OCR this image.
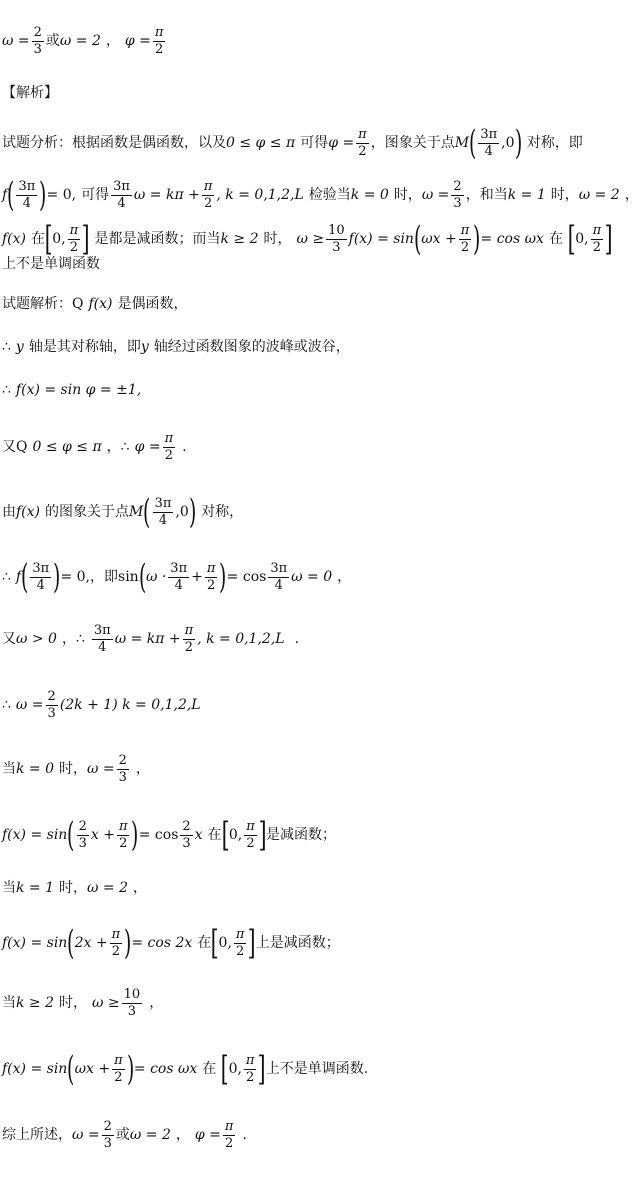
$\omega = \frac{2}{3}$ 或 ω = 2 ， $\varphi = \frac{\pi}{2}$
【解析】
试题分析：根据函数是偶函数，以及 0 ≤ φ ≤ π 可得 $\varphi = \frac{\pi}{2}$ ，图象关于点 M ( $\frac{3\pi}{4} ,0$ ) 对称，即
f ( $\frac{3\pi}{4}$ ) = 0, 可得 $\frac{3\pi}{4}$ $\omega = k\pi + \frac{\pi}{2}$ , k = 0,1,2,L 检验当 k = 0 时， $\omega = \frac{2}{3}$ ，和当 k = 1 时， ω = 2 ，
f(x) 在 [ 0, $\frac{\pi}{2}$ ] 是都是减函数；而当 k ≥ 2 时， $\omega \ge \frac{10}{3} f(x) = \sin$ ( $\omega x + \frac{\pi}{2}$ ) = cos ωx 在 [ 0, $\frac{\pi}{2}$ ]
上不是单调函数
试题解析： Q f(x) 是偶函数，
∴ y 轴是其对称轴，即 y 轴经过函数图象的波峰或波谷，
∴ f(x) = sin φ = ±1,
又 Q 0 ≤ φ ≤ π ， ∴ $\varphi = \frac{\pi}{2}$ .
由 f(x) 的图象关于点 M ( $\frac{3\pi}{4} ,0$ ) 对称，
∴ f ( $\frac{3\pi}{4}$ ) = 0, ，即 sin ( $\omega \cdot \frac{3\pi}{4} + \frac{\pi}{2}$ ) = $\cos \frac{3\pi}{4}$ ω = 0 ，
又 ω > 0 ， ∴ $\frac{3\pi}{4}$ $\omega = k\pi + \frac{\pi}{2}$ , k = 0,1,2,L .
∴ $\omega = \frac{2}{3} (2k + 1) k = 0,1,2,L$
当 k = 0 时， $\omega = \frac{2}{3}$ ，
f(x) = sin ( $\frac{2}{3}$ $x + \frac{\pi}{2}$ ) = $\cos \frac{2}{3}$ x 在 [ 0, $\frac{\pi}{2}$ ] 是减函数；
当 k = 1 时， ω = 2 ，
f(x) = sin ( $2x + \frac{\pi}{2}$ ) = cos 2x 在 [ 0, $\frac{\pi}{2}$ ] 上是减函数；
当 k ≥ 2 时， $\omega \ge \frac{10}{3}$ ，
f(x) = sin ( $\omega x + \frac{\pi}{2}$ ) = cos ωx 在 [ 0, $\frac{\pi}{2}$ ] 上不是单调函数.
综上所述， $\omega = \frac{2}{3}$ 或 ω = 2 ， $\varphi = \frac{\pi}{2}$ .
